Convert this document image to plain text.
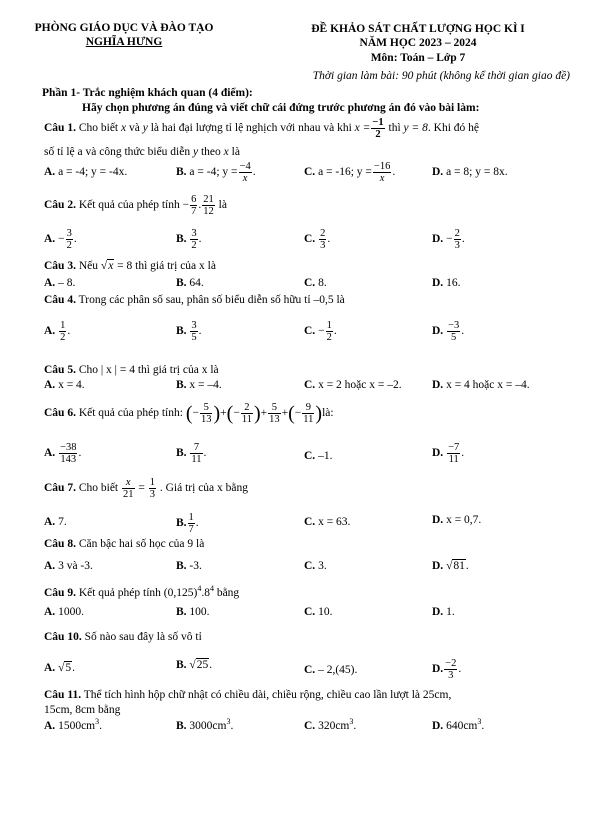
PHÒNG GIÁO DỤC VÀ ĐÀO TẠO
NGHĨA HƯNG
ĐỀ KHẢO SÁT CHẤT LƯỢNG HỌC KÌ I
NĂM HỌC 2023 – 2024
Môn: Toán – Lớp 7
Thời gian làm bài: 90 phút (không kể thời gian giao đề)
Phần 1- Trắc nghiệm khách quan (4 điểm):
Hãy chọn phương án đúng và viết chữ cái đứng trước phương án đó vào bài làm:
Câu 1. Cho biết x và y là hai đại lượng tỉ lệ nghịch với nhau và khi $x = \frac{-1}{2}$ thì y = 8. Khi đó hệ
số tỉ lệ a và công thức biểu diễn y theo x là
A. a = -4; y = -4x.	B. a = -4; $y = \frac{-4}{x}$.	C. a = -16; $y = \frac{-16}{x}$.	D. a = 8; y = 8x.
Câu 2. Kết quả của phép tính − $\frac{6}{7}$ . $\frac{21}{12}$ là
A. − $\frac{3}{2}$ .	B. $\frac{3}{2}$ .	C. $\frac{2}{3}$ .	D. − $\frac{2}{3}$ .
Câu 3. Nếu √x = 8 thì giá trị của x là
A. – 8.	B. 64.	C. 8.	D. 16.
Câu 4. Trong các phân số sau, phân số biểu diễn số hữu tỉ –0,5 là
A. $\frac{1}{2}$ .	B. $\frac{3}{5}$ .	C. − $\frac{1}{2}$ .	D. $\frac{-3}{5}$ .
Câu 5. Cho | x | = 4 thì giá trị của x là
A. x = 4.	B. x = –4.	C. x = 2 hoặc x = –2.	D. x = 4 hoặc x = –4.
Câu 6. Kết quả của phép tính: (− $\frac{5}{13}$ )+(− $\frac{2}{11}$ )+ $\frac{5}{13}$ +(− $\frac{9}{11}$ )là:
A. $\frac{-38}{143}$ .	B. $\frac{7}{11}$ .	C. –1.	D. $\frac{-7}{11}$ .
Câu 7. Cho biết $\frac{x}{21} = \frac{1}{3}$ . Giá trị của x bằng
A. 7.	B. $\frac{1}{7}$ .	C. x = 63.	D. x = 0,7.
Câu 8. Căn bậc hai số học của 9 là
A. 3 và -3.	B. -3.	C. 3.	D. √81.
Câu 9. Kết quả phép tính $(0,125)^4.8^4$ bằng
A. 1000.	B. 100.	C. 10.	D. 1.
Câu 10. Số nào sau đây là số vô tỉ
A. √5.	B. √25.	C. – 2,(45).	D. $\frac{-2}{3}$ .
Câu 11. Thể tích hình hộp chữ nhật có chiều dài, chiều rộng, chiều cao lần lượt là 25cm,
15cm, 8cm bằng
A. $1500cm^3$.	B. $3000cm^3$.	C. $320cm^3$.	D. $640cm^3$.
